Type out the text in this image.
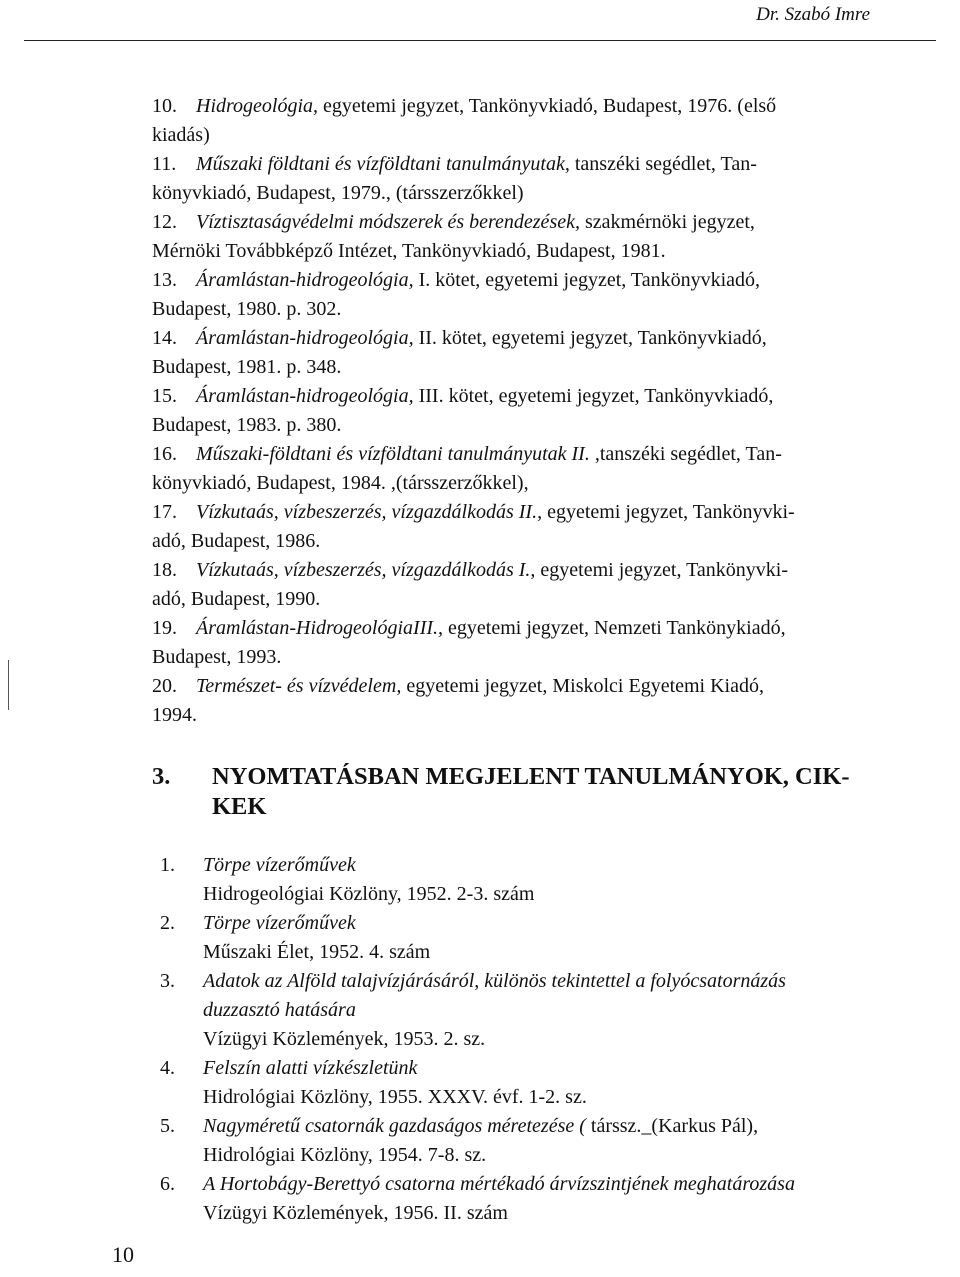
Dr. Szabó Imre
10. Hidrogeológia, egyetemi jegyzet, Tankönyvkiadó, Budapest, 1976. (első
kiadás)
11. Műszaki földtani és vízföldtani tanulmányutak, tanszéki segédlet, Tan-
könyvkiadó, Budapest, 1979., (társszerzőkkel)
12. Víztisztaságvédelmi módszerek és berendezések, szakmérnöki jegyzet,
Mérnöki Továbbképző Intézet, Tankönyvkiadó, Budapest, 1981.
13. Áramlástan-hidrogeológia, I. kötet, egyetemi jegyzet, Tankönyvkiadó,
Budapest, 1980. p. 302.
14. Áramlástan-hidrogeológia, II. kötet, egyetemi jegyzet, Tankönyvkiadó,
Budapest, 1981. p. 348.
15. Áramlástan-hidrogeológia, III. kötet, egyetemi jegyzet, Tankönyvkiadó,
Budapest, 1983. p. 380.
16. Műszaki-földtani és vízföldtani tanulmányutak II. ,tanszéki segédlet, Tan-
könyvkiadó, Budapest, 1984. ,(társszerzőkkel),
17. Vízkutaás, vízbeszerzés, vízgazdálkodás II., egyetemi jegyzet, Tankönyvki-
adó, Budapest, 1986.
18. Vízkutaás, vízbeszerzés, vízgazdálkodás I., egyetemi jegyzet, Tankönyvki-
adó, Budapest, 1990.
19. Áramlástan-HidrogeológiaIII., egyetemi jegyzet, Nemzeti Tankönykiadó,
Budapest, 1993.
20. Természet- és vízvédelem, egyetemi jegyzet, Miskolci Egyetemi Kiadó,
1994.
3. NYOMTATÁSBAN MEGJELENT TANULMÁNYOK, CIK-
KEK
1. Törpe vízerőművek
Hidrogeológiai Közlöny, 1952. 2-3. szám
2. Törpe vízerőművek
Műszaki Élet, 1952. 4. szám
3. Adatok az Alföld talajvízjárásáról, különös tekintettel a folyócsatornázás
duzzasztó hatására
Vízügyi Közlemények, 1953. 2. sz.
4. Felszín alatti vízkészletünk
Hidrológiai Közlöny, 1955. XXXV. évf. 1-2. sz.
5. Nagyméretű csatornák gazdaságos méretezése ( társsz._(Karkus Pál),
Hidrológiai Közlöny, 1954. 7-8. sz.
6. A Hortobágy-Berettyó csatorna mértékadó árvízszintjének meghatározása
Vízügyi Közlemények, 1956. II. szám
10
